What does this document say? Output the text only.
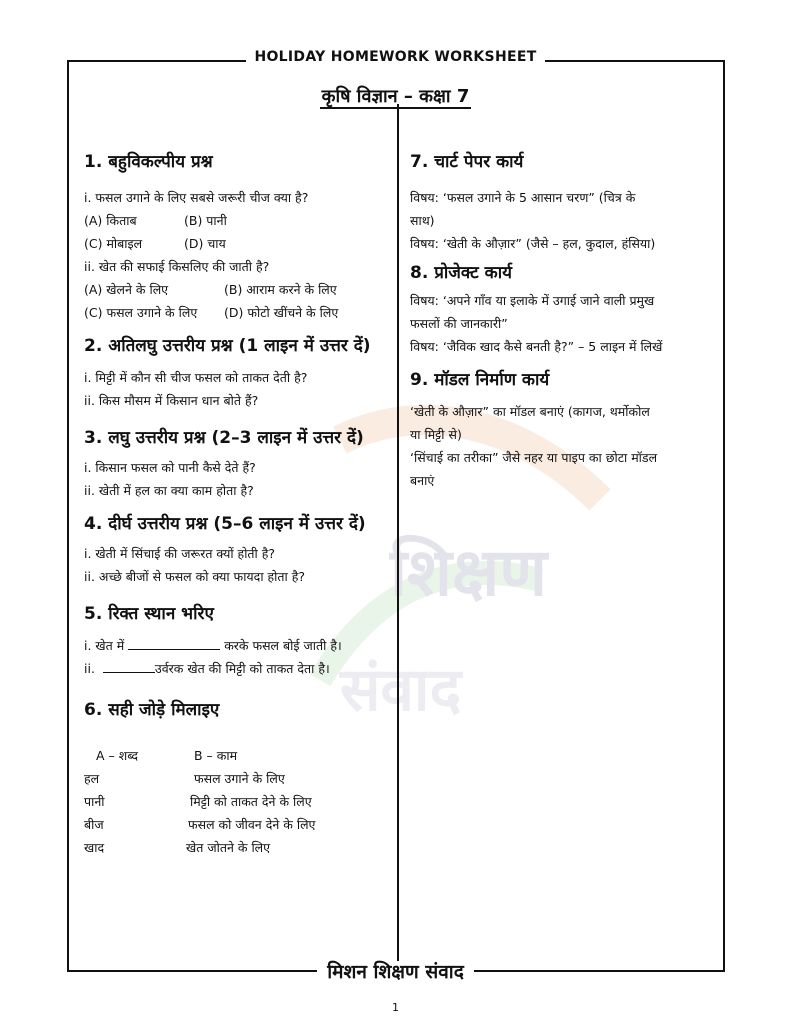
शिक्षण
संवाद
HOLIDAY HOMEWORK WORKSHEET
कृषि विज्ञान – कक्षा 7
1. बहुविकल्पीय प्रश्न
i. फसल उगाने के लिए सबसे जरूरी चीज क्या है?
(A) किताब	(B) पानी
(C) मोबाइल	(D) चाय
ii. खेत की सफाई किसलिए की जाती है?
(A) खेलने के लिए	(B) आराम करने के लिए
(C) फसल उगाने के लिए	(D) फोटो खींचने के लिए
2. अतिलघु उत्तरीय प्रश्न (1 लाइन में उत्तर दें)
i. मिट्टी में कौन सी चीज फसल को ताकत देती है?
ii. किस मौसम में किसान धान बोते हैं?
3. लघु उत्तरीय प्रश्न (2–3 लाइन में उत्तर दें)
i. किसान फसल को पानी कैसे देते हैं?
ii. खेती में हल का क्या काम होता है?
4. दीर्घ उत्तरीय प्रश्न (5–6 लाइन में उत्तर दें)
i. खेती में सिंचाई की जरूरत क्यों होती है?
ii. अच्छे बीजों से फसल को क्या फायदा होता है?
5. रिक्त स्थान भरिए
i. खेत में	करके फसल बोई जाती है।
ii.	उर्वरक खेत की मिट्टी को ताकत देता है।
6. सही जोड़े मिलाइए
A – शब्द	B – काम
हल	फसल उगाने के लिए
पानी	मिट्टी को ताकत देने के लिए
बीज	फसल को जीवन देने के लिए
खाद	खेत जोतने के लिए
7. चार्ट पेपर कार्य
विषय: ‘फसल उगाने के 5 आसान चरण” (चित्र के
साथ)
विषय: ‘खेती के औज़ार” (जैसे – हल, कुदाल, हंसिया)
8. प्रोजेक्ट कार्य
विषय: ‘अपने गाँव या इलाके में उगाई जाने वाली प्रमुख
फसलों की जानकारी”
विषय: ‘जैविक खाद कैसे बनती है?” – 5 लाइन में लिखें
9. मॉडल निर्माण कार्य
‘खेती के औज़ार” का मॉडल बनाएं (कागज, थर्मोकोल
या मिट्टी से)
‘सिंचाई का तरीका” जैसे नहर या पाइप का छोटा मॉडल
बनाएं
मिशन शिक्षण संवाद
1
